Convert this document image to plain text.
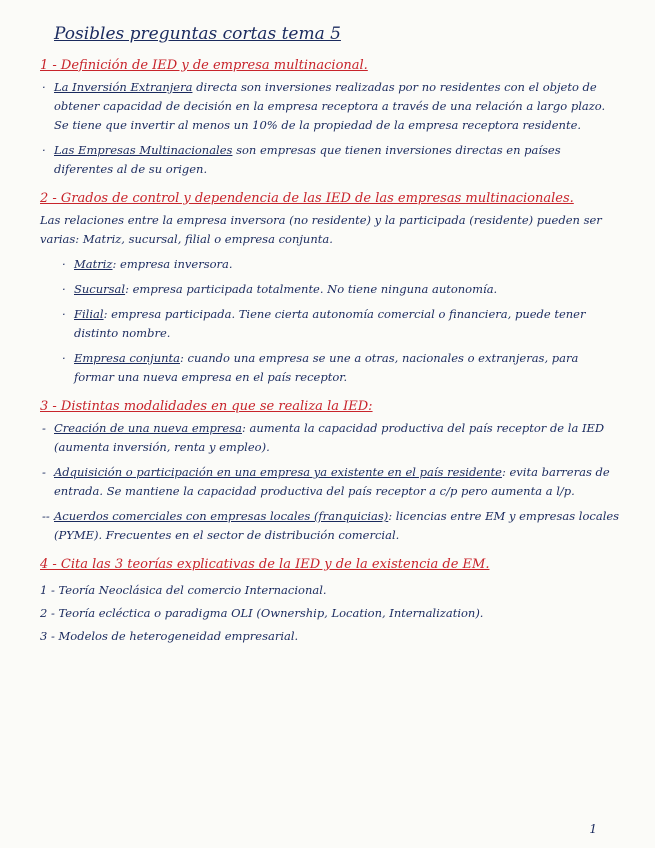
Posibles preguntas cortas tema 5
1 - Definición de IED y de empresa multinacional.
· La Inversión Extranjera directa son inversiones realizadas por no residentes con el objeto de obtener capacidad de decisión en la empresa receptora a través de una relación a largo plazo. Se tiene que invertir al menos un 10% de la propiedad de la empresa receptora residente.
· Las Empresas Multinacionales son empresas que tienen inversiones directas en países diferentes al de su origen.
2 - Grados de control y dependencia de las IED de las empresas multinacionales.
Las relaciones entre la empresa inversora (no residente) y la participada (residente) pueden ser varias: Matriz, sucursal, filial o empresa conjunta.
· Matriz: empresa inversora.
· Sucursal: empresa participada totalmente. No tiene ninguna autonomía.
· Filial: empresa participada. Tiene cierta autonomía comercial o financiera, puede tener distinto nombre.
· Empresa conjunta: cuando una empresa se une a otras, nacionales o extranjeras, para formar una nueva empresa en el país receptor.
3 - Distintas modalidades en que se realiza la IED:
- Creación de una nueva empresa: aumenta la capacidad productiva del país receptor de la IED (aumenta inversión, renta y empleo).
- Adquisición o participación en una empresa ya existente en el país residente: evita barreras de entrada. Se mantiene la capacidad productiva del país receptor a c/p pero aumenta a l/p.
-- Acuerdos comerciales con empresas locales (franquicias): licencias entre EM y empresas locales (PYME). Frecuentes en el sector de distribución comercial.
4 - Cita las 3 teorías explicativas de la IED y de la existencia de EM.
1 - Teoría Neoclásica del comercio Internacional.
2 - Teoría ecléctica o paradigma OLI (Ownership, Location, Internalization).
3 - Modelos de heterogeneidad empresarial.
1
